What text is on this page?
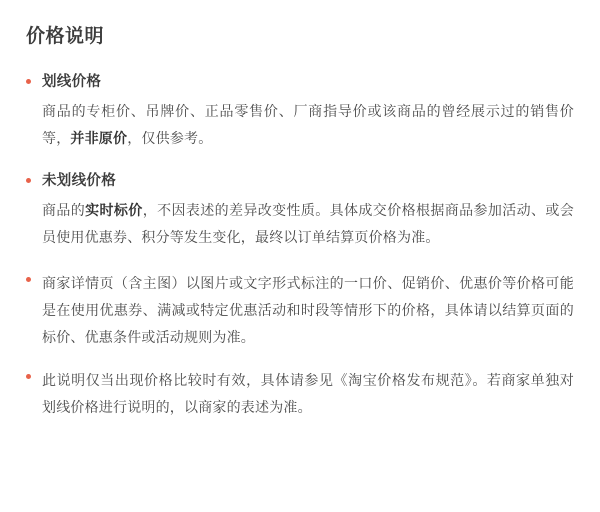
价格说明
划线价格

商品的专柜价、吊牌价、正品零售价、厂商指导价或该商品的曾经展示过的销售价等，并非原价，仅供参考。

未划线价格

商品的实时标价，不因表述的差异改变性质。具体成交价格根据商品参加活动、或会员使用优惠券、积分等发生变化，最终以订单结算页价格为准。

商家详情页（含主图）以图片或文字形式标注的一口价、促销价、优惠价等价格可能是在使用优惠券、满减或特定优惠活动和时段等情形下的价格，具体请以结算页面的标价、优惠条件或活动规则为准。

此说明仅当出现价格比较时有效，具体请参见《淘宝价格发布规范》。若商家单独对划线价格进行说明的，以商家的表述为准。
